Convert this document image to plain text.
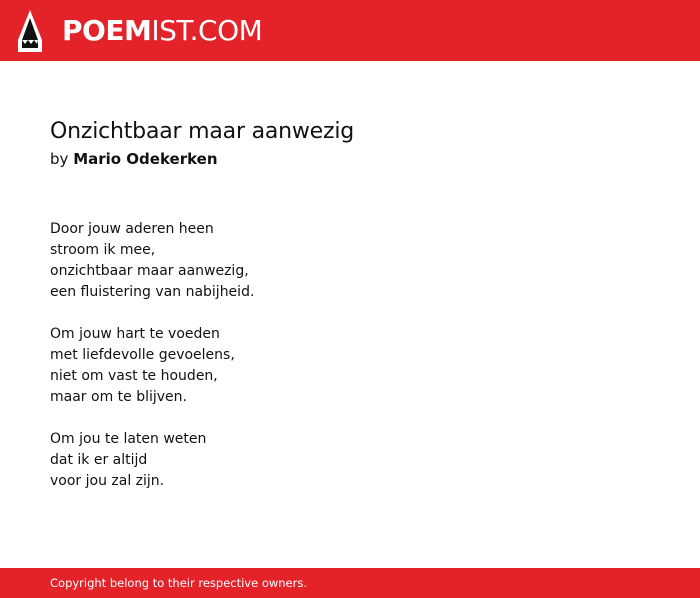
POEMIST.COM
Onzichtbaar maar aanwezig
by Mario Odekerken

Door jouw aderen heen
stroom ik mee,
onzichtbaar maar aanwezig,
een fluistering van nabijheid.

Om jouw hart te voeden
met liefdevolle gevoelens,
niet om vast te houden,
maar om te blijven.

Om jou te laten weten
dat ik er altijd
voor jou zal zijn.

Copyright belong to their respective owners.
